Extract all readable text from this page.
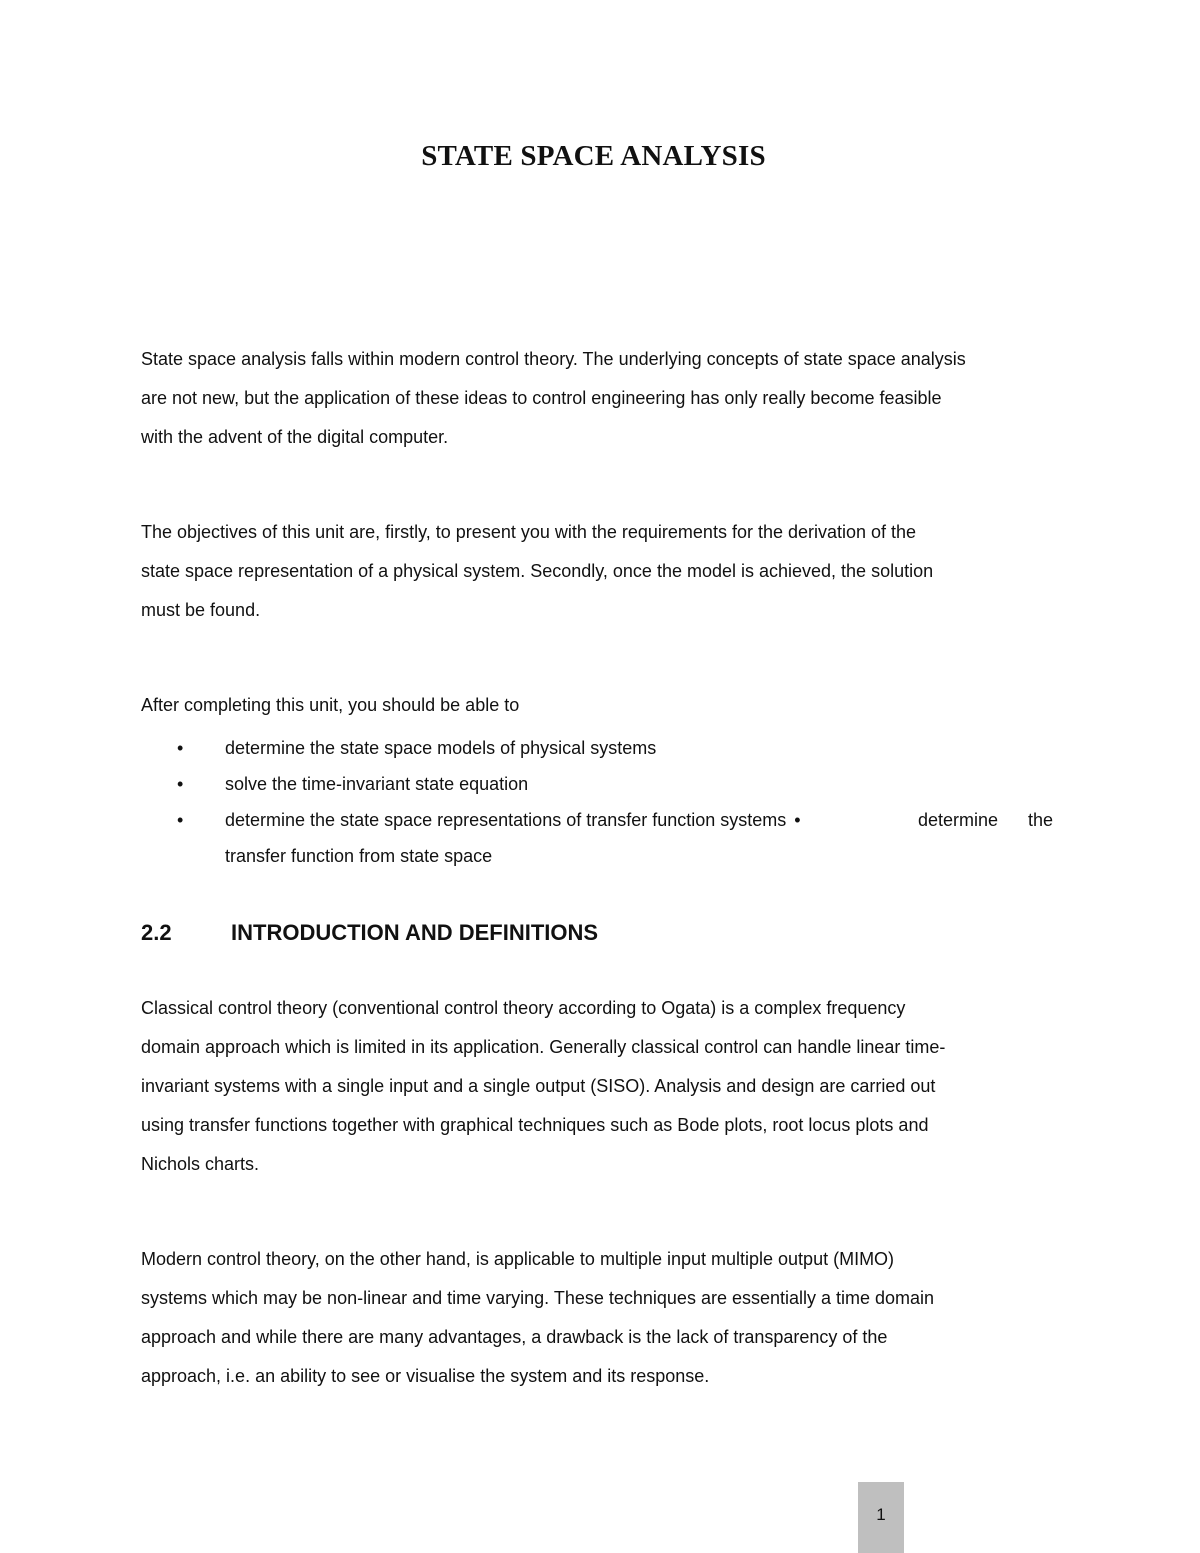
STATE SPACE ANALYSIS

State space analysis falls within modern control theory. The underlying concepts of state space analysis
are not new, but the application of these ideas to control engineering has only really become feasible
with the advent of the digital computer.

The objectives of this unit are, firstly, to present you with the requirements for the derivation of the
state space representation of a physical system. Secondly, once the model is achieved, the solution
must be found.

After completing this unit, you should be able to

• determine the state space models of physical systems
• solve the time-invariant state equation
• determine the state space representations of transfer function systems •	determine the
transfer function from state space
2.2	INTRODUCTION AND DEFINITIONS

Classical control theory (conventional control theory according to Ogata) is a complex frequency
domain approach which is limited in its application. Generally classical control can handle linear time-
invariant systems with a single input and a single output (SISO). Analysis and design are carried out
using transfer functions together with graphical techniques such as Bode plots, root locus plots and
Nichols charts.

Modern control theory, on the other hand, is applicable to multiple input multiple output (MIMO)
systems which may be non-linear and time varying. These techniques are essentially a time domain
approach and while there are many advantages, a drawback is the lack of transparency of the
approach, i.e. an ability to see or visualise the system and its response.

1
